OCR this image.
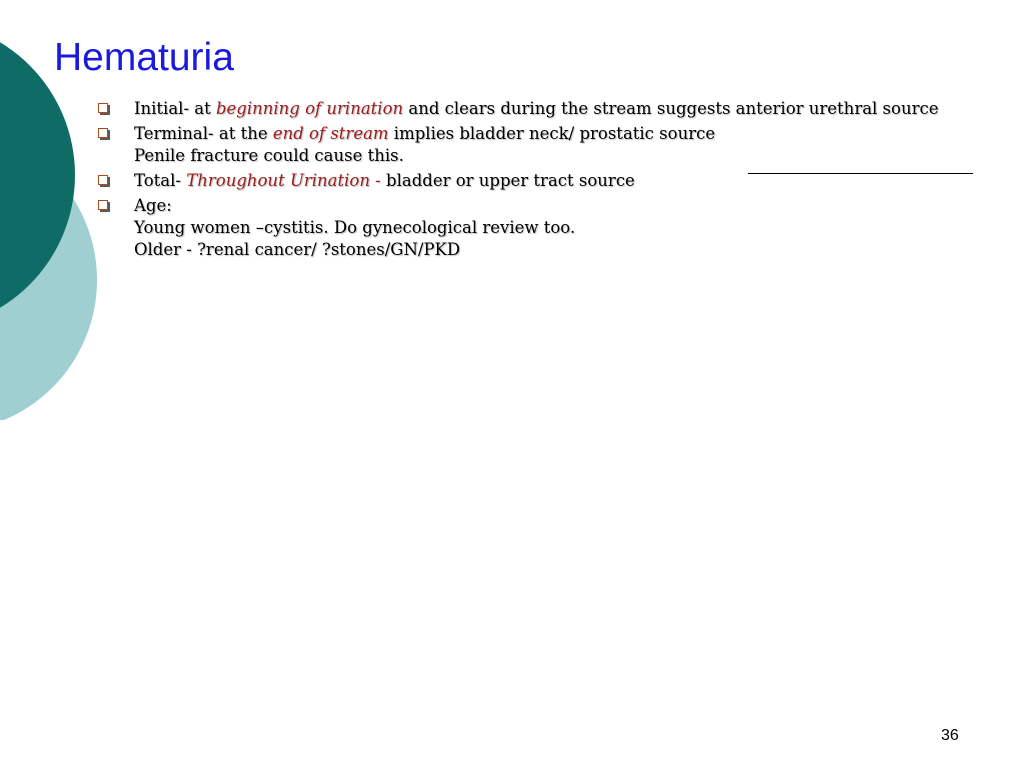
Hematuria
Initial- at beginning of urination and clears during the stream suggests anterior urethral source
Terminal- at the end of stream implies bladder neck/ prostatic source
Penile fracture could cause this.
Total- Throughout Urination - bladder or upper tract source
Age:
Young women –cystitis. Do gynecological review too.
Older - ?renal cancer/ ?stones/GN/PKD
36
